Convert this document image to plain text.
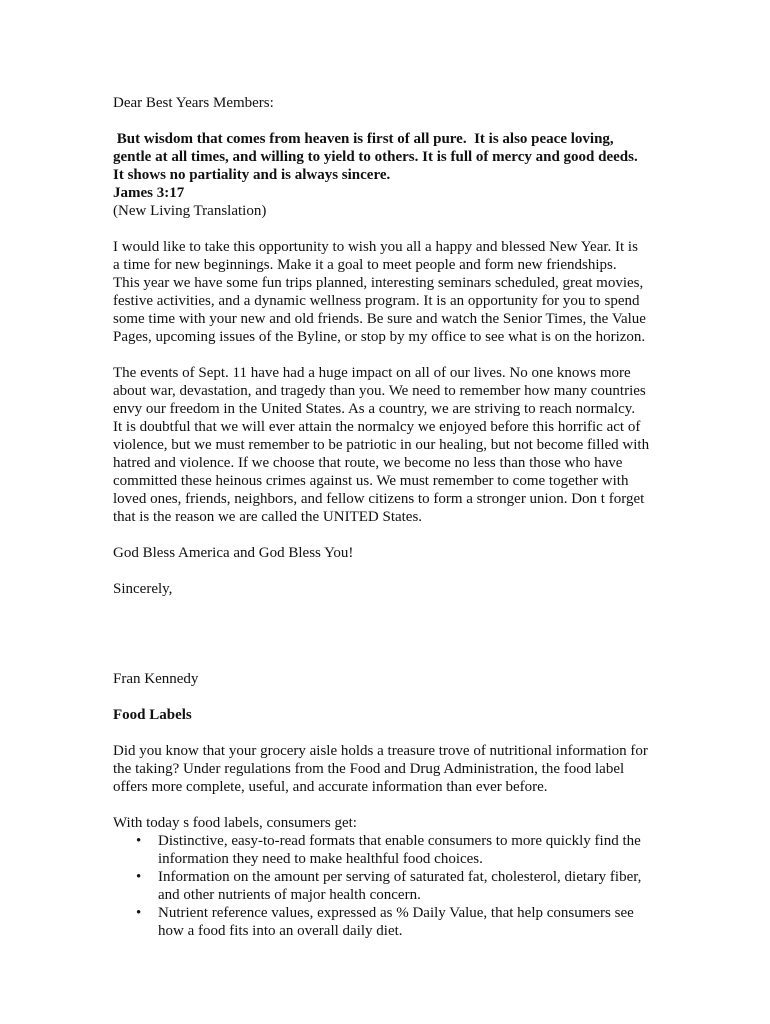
Dear Best Years Members:

But wisdom that comes from heaven is first of all pure.  It is also peace loving,

gentle at all times, and willing to yield to others. It is full of mercy and good deeds.

It shows no partiality and is always sincere.

James 3:17

(New Living Translation)

I would like to take this opportunity to wish you all a happy and blessed New Year. It is

a time for new beginnings. Make it a goal to meet people and form new friendships.

This year we have some fun trips planned, interesting seminars scheduled, great movies,

festive activities, and a dynamic wellness program. It is an opportunity for you to spend

some time with your new and old friends. Be sure and watch the Senior Times, the Value

Pages, upcoming issues of the Byline, or stop by my office to see what is on the horizon.

The events of Sept. 11 have had a huge impact on all of our lives. No one knows more

about war, devastation, and tragedy than you. We need to remember how many countries

envy our freedom in the United States. As a country, we are striving to reach normalcy.

It is doubtful that we will ever attain the normalcy we enjoyed before this horrific act of

violence, but we must remember to be patriotic in our healing, but not become filled with

hatred and violence. If we choose that route, we become no less than those who have

committed these heinous crimes against us. We must remember to come together with

loved ones, friends, neighbors, and fellow citizens to form a stronger union. Don t forget

that is the reason we are called the UNITED States.

God Bless America and God Bless You!

Sincerely,

Fran Kennedy

Food Labels

Did you know that your grocery aisle holds a treasure trove of nutritional information for

the taking? Under regulations from the Food and Drug Administration, the food label

offers more complete, useful, and accurate information than ever before.

With today s food labels, consumers get:

• Distinctive, easy-to-read formats that enable consumers to more quickly find the

information they need to make healthful food choices.

• Information on the amount per serving of saturated fat, cholesterol, dietary fiber,

and other nutrients of major health concern.

• Nutrient reference values, expressed as % Daily Value, that help consumers see

how a food fits into an overall daily diet.
